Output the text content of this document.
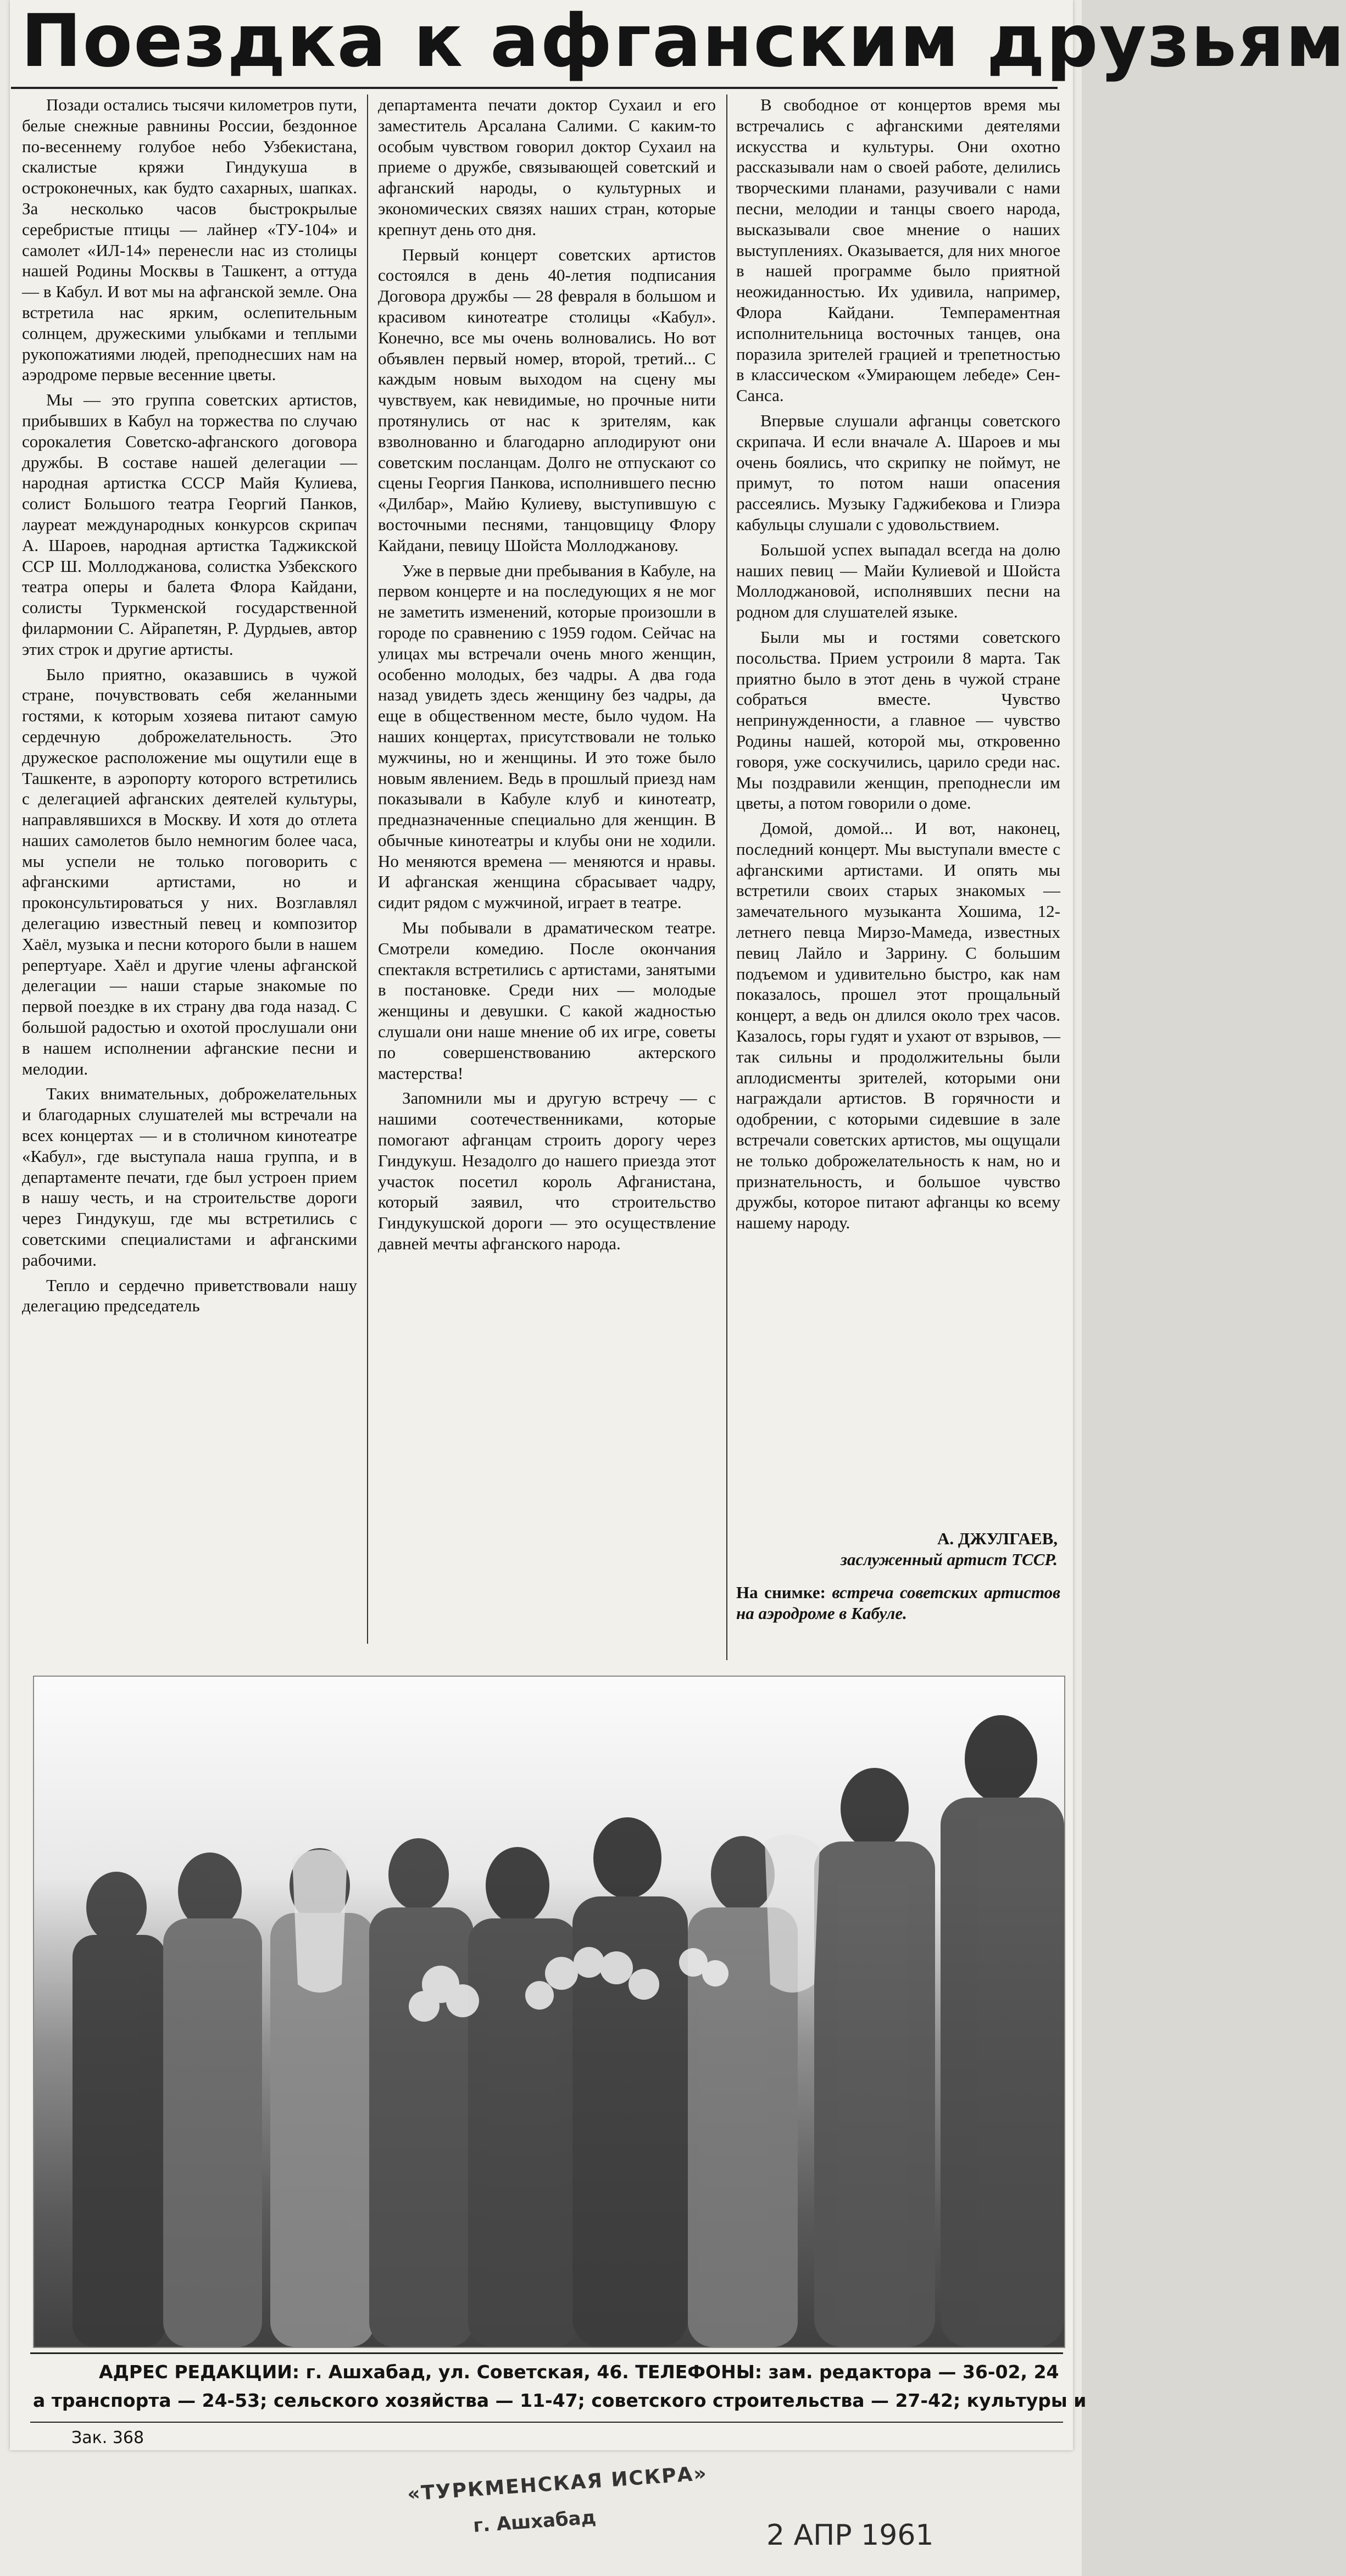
Поездка к афганским друзьям

Позади остались тысячи километров пути, белые снежные равнины России, бездонное по-весеннему голубое небо Узбекистана, скалистые кряжи Гиндукуша в остроконечных, как будто сахарных, шапках. За несколько часов быстрокрылые серебристые птицы — лайнер «ТУ-104» и самолет «ИЛ-14» перенесли нас из столицы нашей Родины Москвы в Ташкент, а оттуда — в Кабул. И вот мы на афганской земле. Она встретила нас ярким, ослепительным солнцем, дружескими улыбками и теплыми рукопожатиями людей, преподнесших нам на аэродроме первые весенние цветы.

Мы — это группа советских артистов, прибывших в Кабул на торжества по случаю сорокалетия Советско-афганского договора дружбы. В составе нашей делегации — народная артистка СССР Майя Кулиева, солист Большого театра Георгий Панков, лауреат международных конкурсов скрипач А. Шароев, народная артистка Таджикской ССР Ш. Моллоджанова, солистка Узбекского театра оперы и балета Флора Кайдани, солисты Туркменской государственной филармонии С. Айрапетян, Р. Дурдыев, автор этих строк и другие артисты.

Было приятно, оказавшись в чужой стране, почувствовать себя желанными гостями, к которым хозяева питают самую сердечную доброжелательность. Это дружеское расположение мы ощутили еще в Ташкенте, в аэропорту которого встретились с делегацией афганских деятелей культуры, направлявшихся в Москву. И хотя до отлета наших самолетов было немногим более часа, мы успели не только поговорить с афганскими артистами, но и проконсультироваться у них. Возглавлял делегацию известный певец и композитор Хаёл, музыка и песни которого были в нашем репертуаре. Хаёл и другие члены афганской делегации — наши старые знакомые по первой поездке в их страну два года назад. С большой радостью и охотой прослушали они в нашем исполнении афганские песни и мелодии.

Таких внимательных, доброжелательных и благодарных слушателей мы встречали на всех концертах — и в столичном кинотеатре «Кабул», где выступала наша группа, и в департаменте печати, где был устроен прием в нашу честь, и на строительстве дороги через Гиндукуш, где мы встретились с советскими специалистами и афганскими рабочими.

Тепло и сердечно приветствовали нашу делегацию председатель

департамента печати доктор Сухаил и его заместитель Арсалана Салими. С каким-то особым чувством говорил доктор Сухаил на приеме о дружбе, связывающей советский и афганский народы, о культурных и экономических связях наших стран, которые крепнут день ото дня.

Первый концерт советских артистов состоялся в день 40-летия подписания Договора дружбы — 28 февраля в большом и красивом кинотеатре столицы «Кабул». Конечно, все мы очень волновались. Но вот объявлен первый номер, второй, третий... С каждым новым выходом на сцену мы чувствуем, как невидимые, но прочные нити протянулись от нас к зрителям, как взволнованно и благодарно аплодируют они советским посланцам. Долго не отпускают со сцены Георгия Панкова, исполнившего песню «Дилбар», Майю Кулиеву, выступившую с восточными песнями, танцовщицу Флору Кайдани, певицу Шойста Моллоджанову.

Уже в первые дни пребывания в Кабуле, на первом концерте и на последующих я не мог не заметить изменений, которые произошли в городе по сравнению с 1959 годом. Сейчас на улицах мы встречали очень много женщин, особенно молодых, без чадры. А два года назад увидеть здесь женщину без чадры, да еще в общественном месте, было чудом. На наших концертах, присутствовали не только мужчины, но и женщины. И это тоже было новым явлением. Ведь в прошлый приезд нам показывали в Кабуле клуб и кинотеатр, предназначенные специально для женщин. В обычные кинотеатры и клубы они не ходили. Но меняются времена — меняются и нравы. И афганская женщина сбрасывает чадру, сидит рядом с мужчиной, играет в театре.

Мы побывали в драматическом театре. Смотрели комедию. После окончания спектакля встретились с артистами, занятыми в постановке. Среди них — молодые женщины и девушки. С какой жадностью слушали они наше мнение об их игре, советы по совершенствованию актерского мастерства!

Запомнили мы и другую встречу — с нашими соотечественниками, которые помогают афганцам строить дорогу через Гиндукуш. Незадолго до нашего приезда этот участок посетил король Афганистана, который заявил, что строительство Гиндукушской дороги — это осуществление давней мечты афганского народа.

В свободное от концертов время мы встречались с афганскими деятелями искусства и культуры. Они охотно рассказывали нам о своей работе, делились творческими планами, разучивали с нами песни, мелодии и танцы своего народа, высказывали свое мнение о наших выступлениях. Оказывается, для них многое в нашей программе было приятной неожиданностью. Их удивила, например, Флора Кайдани. Темпераментная исполнительница восточных танцев, она поразила зрителей грацией и трепетностью в классическом «Умирающем лебеде» Сен-Санса.

Впервые слушали афганцы советского скрипача. И если вначале А. Шароев и мы очень боялись, что скрипку не поймут, не примут, то потом наши опасения рассеялись. Музыку Гаджибекова и Глиэра кабульцы слушали с удовольствием.

Большой успех выпадал всегда на долю наших певиц — Майи Кулиевой и Шойста Моллоджановой, исполнявших песни на родном для слушателей языке.

Были мы и гостями советского посольства. Прием устроили 8 марта. Так приятно было в этот день в чужой стране собраться вместе. Чувство непринужденности, а главное — чувство Родины нашей, которой мы, откровенно говоря, уже соскучились, царило среди нас. Мы поздравили женщин, преподнесли им цветы, а потом говорили о доме.

Домой, домой... И вот, наконец, последний концерт. Мы выступали вместе с афганскими артистами. И опять мы встретили своих старых знакомых — замечательного музыканта Хошима, 12-летнего певца Мирзо-Мамеда, известных певиц Лайло и Заррину. С большим подъемом и удивительно быстро, как нам показалось, прошел этот прощальный концерт, а ведь он длился около трех часов. Казалось, горы гудят и ухают от взрывов, — так сильны и продолжительны были аплодисменты зрителей, которыми они награждали артистов. В горячности и одобрении, с которыми сидевшие в зале встречали советских артистов, мы ощущали не только доброжелательность к нам, но и признательность, и большое чувство дружбы, которое питают афганцы ко всему нашему народу.

А. ДЖУЛГАЕВ,
заслуженный артист ТССР.
На снимке: встреча советских артистов на аэродроме в Кабуле.
АДРЕС РЕДАКЦИИ: г. Ашхабад, ул. Советская, 46. ТЕЛЕФОНЫ: зам. редактора — 36-02, 24
а транспорта — 24-53; сельского хозяйства — 11-47; советского строительства — 27-42; культуры и
Зак. 368
«ТУРКМЕНСКАЯ ИСКРА»
г. Ашхабад	2 АПР 1961
